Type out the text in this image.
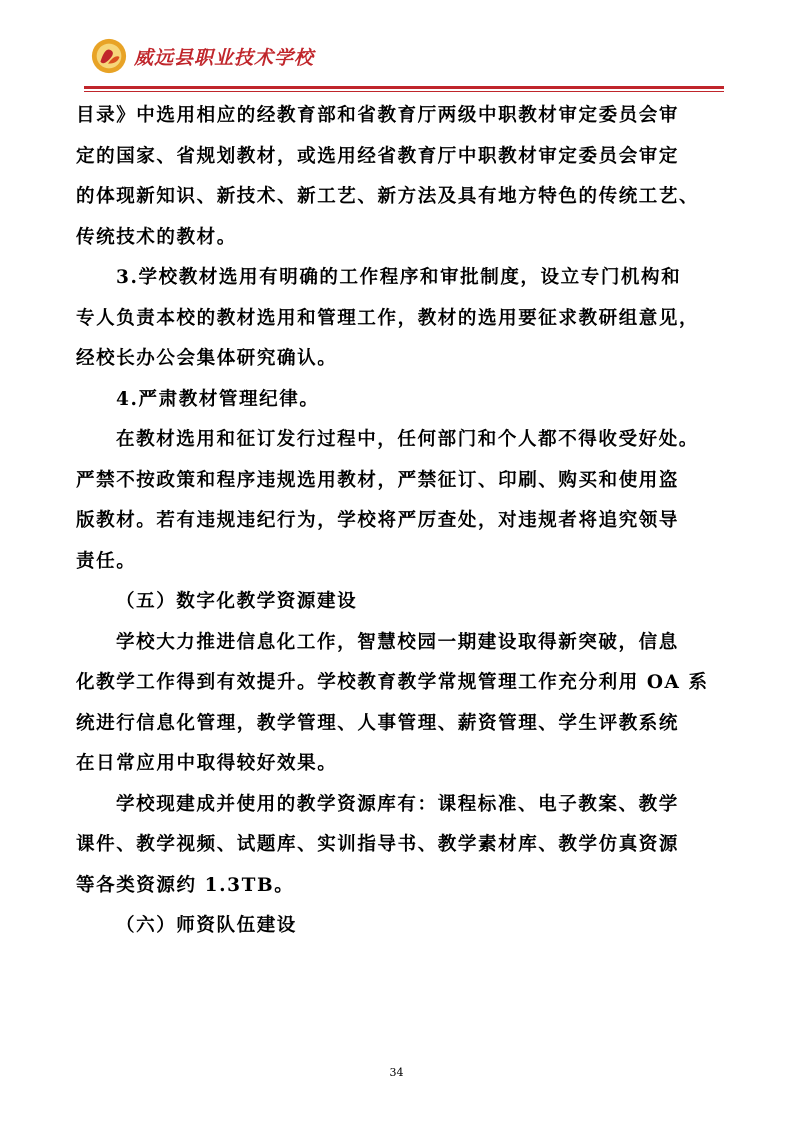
威远县职业技术学校

目录》中选用相应的经教育部和省教育厅两级中职教材审定委员会审

定的国家、省规划教材，或选用经省教育厅中职教材审定委员会审定

的体现新知识、新技术、新工艺、新方法及具有地方特色的传统工艺、

传统技术的教材。

3.学校教材选用有明确的工作程序和审批制度，设立专门机构和

专人负责本校的教材选用和管理工作，教材的选用要征求教研组意见，

经校长办公会集体研究确认。

4.严肃教材管理纪律。

在教材选用和征订发行过程中，任何部门和个人都不得收受好处。

严禁不按政策和程序违规选用教材，严禁征订、印刷、购买和使用盗

版教材。若有违规违纪行为，学校将严厉查处，对违规者将追究领导

责任。

（五）数字化教学资源建设

学校大力推进信息化工作，智慧校园一期建设取得新突破，信息

化教学工作得到有效提升。学校教育教学常规管理工作充分利用 OA 系

统进行信息化管理，教学管理、人事管理、薪资管理、学生评教系统

在日常应用中取得较好效果。

学校现建成并使用的教学资源库有：课程标准、电子教案、教学

课件、教学视频、试题库、实训指导书、教学素材库、教学仿真资源

等各类资源约 1.3TB。

（六）师资队伍建设

34
